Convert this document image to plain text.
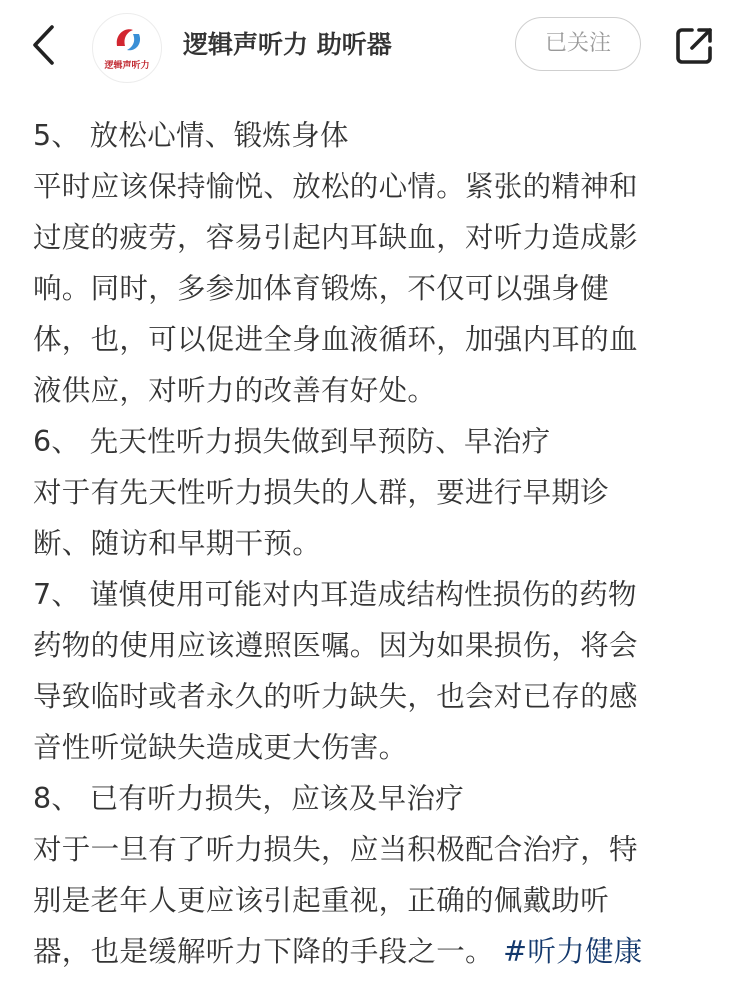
逻辑声听力
逻辑声听力 助听器	已关注
5、 放松心情、锻炼身体
平时应该保持愉悦、放松的心情。紧张的精神和
过度的疲劳，容易引起内耳缺血，对听力造成影
响。同时，多参加体育锻炼，不仅可以强身健
体，也，可以促进全身血液循环，加强内耳的血
液供应，对听力的改善有好处。
6、 先天性听力损失做到早预防、早治疗
对于有先天性听力损失的人群，要进行早期诊
断、随访和早期干预。
7、 谨慎使用可能对内耳造成结构性损伤的药物
药物的使用应该遵照医嘱。因为如果损伤，将会
导致临时或者永久的听力缺失，也会对已存的感
音性听觉缺失造成更大伤害。
8、 已有听力损失，应该及早治疗
对于一旦有了听力损失，应当积极配合治疗，特
别是老年人更应该引起重视，正确的佩戴助听
器，也是缓解听力下降的手段之一。 #听力健康
